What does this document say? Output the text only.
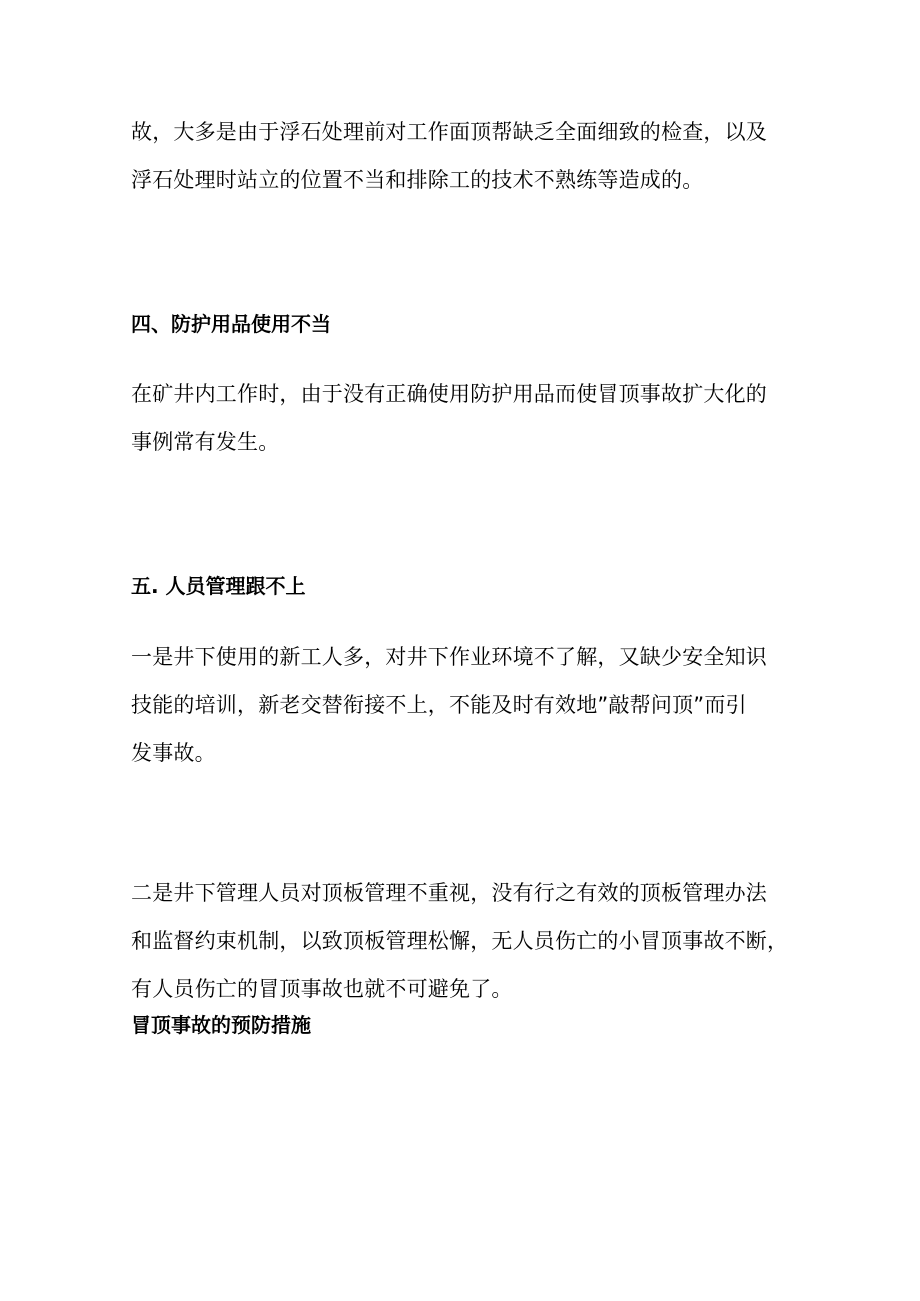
故，大多是由于浮石处理前对工作面顶帮缺乏全面细致的检查，以及
浮石处理时站立的位置不当和排除工的技术不熟练等造成的。

四、防护用品使用不当

在矿井内工作时，由于没有正确使用防护用品而使冒顶事故扩大化的
事例常有发生。

五. 人员管理跟不上

一是井下使用的新工人多，对井下作业环境不了解，又缺少安全知识
技能的培训，新老交替衔接不上，不能及时有效地”敲帮问顶”而引
发事故。

二是井下管理人员对顶板管理不重视，没有行之有效的顶板管理办法
和监督约束机制，以致顶板管理松懈，无人员伤亡的小冒顶事故不断，
有人员伤亡的冒顶事故也就不可避免了。

冒顶事故的预防措施
